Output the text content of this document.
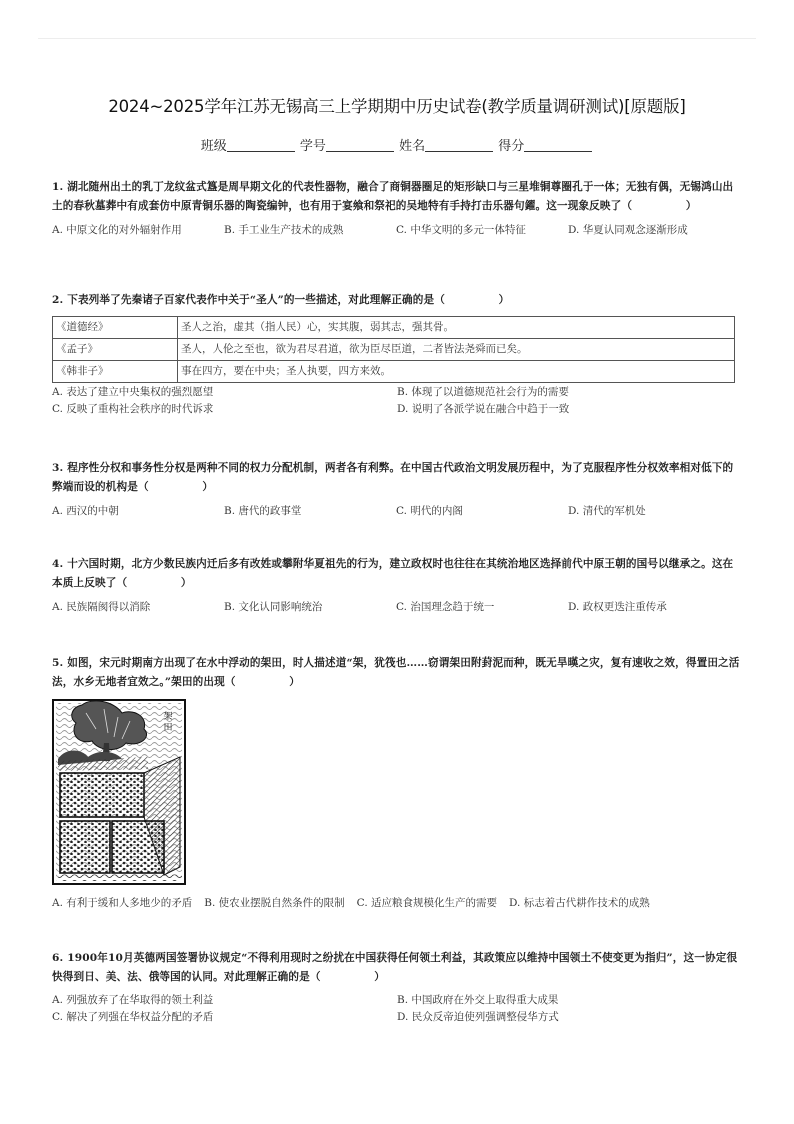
2024~2025学年江苏无锡高三上学期期中历史试卷(教学质量调研测试)[原题版]
班级	学号	姓名	得分
1. 湖北随州出土的乳丁龙纹盆式簋是周早期文化的代表性器物，融合了商铜器圈足的矩形缺口与三星堆铜尊圈孔于一体；无独有偶，无锡鸿山出土的春秋墓葬中有成套仿中原青铜乐器的陶瓷编钟，也有用于宴飨和祭祀的吴地特有手持打击乐器句鑃。这一现象反映了（　　　　　）
A. 中原文化的对外辐射作用	B. 手工业生产技术的成熟	C. 中华文明的多元一体特征	D. 华夏认同观念逐渐形成
2. 下表列举了先秦诸子百家代表作中关于“圣人”的一些描述，对此理解正确的是（　　　　　）
《道德经》	圣人之治，虚其（指人民）心，实其腹，弱其志，强其骨。
《孟子》	圣人，人伦之至也，欲为君尽君道，欲为臣尽臣道，二者皆法尧舜而已矣。
《韩非子》	事在四方，要在中央；圣人执要，四方来效。
A. 表达了建立中央集权的强烈愿望	B. 体现了以道德规范社会行为的需要
C. 反映了重构社会秩序的时代诉求	D. 说明了各派学说在融合中趋于一致
3. 程序性分权和事务性分权是两种不同的权力分配机制，两者各有利弊。在中国古代政治文明发展历程中，为了克服程序性分权效率相对低下的弊端而设的机构是（　　　　　）
A. 西汉的中朝	B. 唐代的政事堂	C. 明代的内阁	D. 清代的军机处
4. 十六国时期，北方少数民族内迁后多有改姓或攀附华夏祖先的行为，建立政权时也往往在其统治地区选择前代中原王朝的国号以继承之。这在本质上反映了（　　　　　）
A. 民族隔阂得以消除	B. 文化认同影响统治	C. 治国理念趋于统一	D. 政权更迭注重传承
5. 如图，宋元时期南方出现了在水中浮动的架田，时人描述道“架，犹筏也……窃谓架田附葑泥而种，既无旱暵之灾，复有速收之效，得置田之活法，水乡无地者宜效之。”架田的出现（　　　　　）
架
田
A. 有利于缓和人多地少的矛盾 B. 使农业摆脱自然条件的限制 C. 适应粮食规模化生产的需要 D. 标志着古代耕作技术的成熟
6. 1900年10月英德两国签署协议规定“不得利用现时之纷扰在中国获得任何领土利益，其政策应以维持中国领土不使变更为指归”，这一协定很快得到日、美、法、俄等国的认同。对此理解正确的是（　　　　　）
A. 列强放弃了在华取得的领土利益	B. 中国政府在外交上取得重大成果
C. 解决了列强在华权益分配的矛盾	D. 民众反帝迫使列强调整侵华方式
